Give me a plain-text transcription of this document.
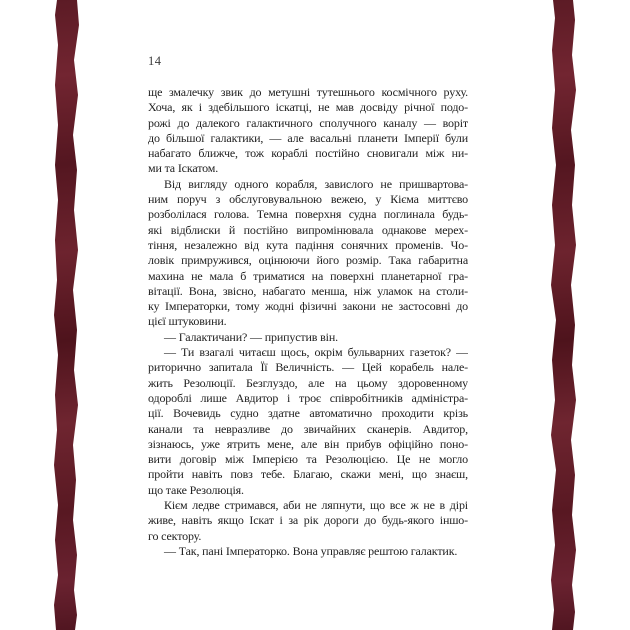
14
ще змалечку звик до метушні тутешнього космічного руху.
Хоча, як і здебільшого іскатці, не мав досвіду річної подо-
рожі до далекого галактичного сполучного каналу — воріт
до більшої галактики, — але васальні планети Імперії були
набагато ближче, тож кораблі постійно сновигали між ни-
ми та Іскатом.
Від вигляду одного корабля, завислого не пришвартова-
ним поруч з обслуговувальною вежею, у Кієма миттєво
розболілася голова. Темна поверхня судна поглинала будь-
які відблиски й постійно випромінювала однакове мерех-
тіння, незалежно від кута падіння сонячних променів. Чо-
ловік примружився, оцінюючи його розмір. Така габаритна
махина не мала б триматися на поверхні планетарної гра-
вітації. Вона, звісно, набагато менша, ніж уламок на столи-
ку Імператорки, тому жодні фізичні закони не застосовні до
цієї штуковини.
— Галактичани? — припустив він.
— Ти взагалі читаєш щось, окрім бульварних газеток? —
риторично запитала Її Величність. — Цей корабель нале-
жить Резолюції. Безглуздо, але на цьому здоровенному
одороблі лише Авдитор і троє співробітників адміністра-
ції. Вочевидь судно здатне автоматично проходити крізь
канали та невразливе до звичайних сканерів. Авдитор,
зізнаюсь, уже ятрить мене, але він прибув офіційно поно-
вити договір між Імперією та Резолюцією. Це не могло
пройти навіть повз тебе. Благаю, скажи мені, що знаєш,
що таке Резолюція.
Кієм ледве стримався, аби не ляпнути, що все ж не в дірі
живе, навіть якщо Іскат і за рік дороги до будь-якого іншо-
го сектору.
— Так, пані Імператорко. Вона управляє рештою галактик.
